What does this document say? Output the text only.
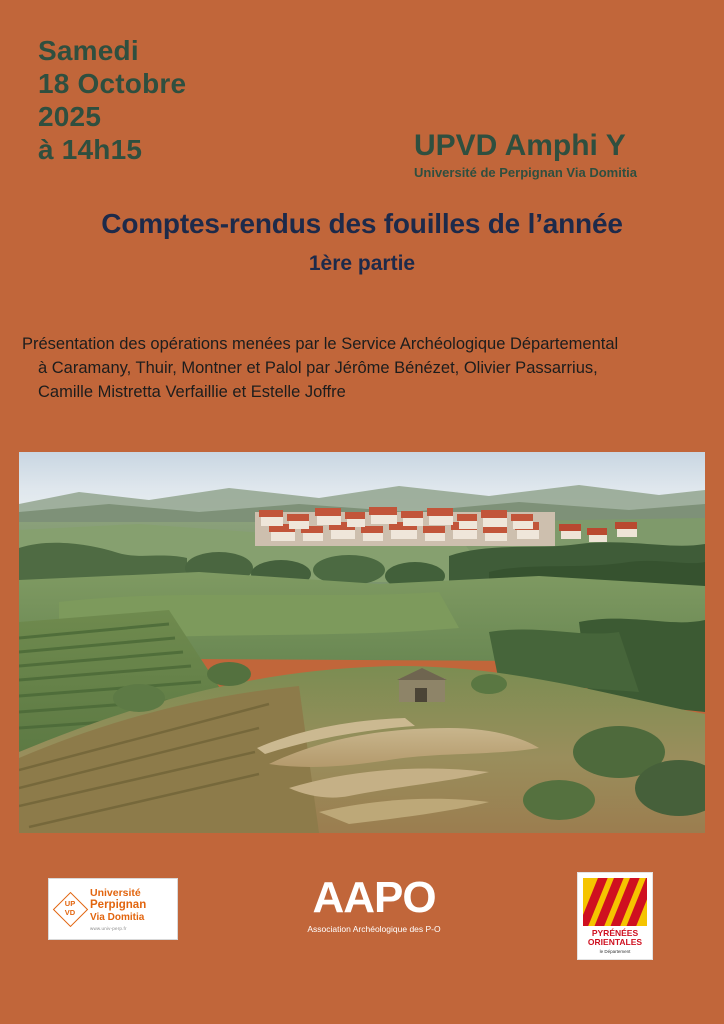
Samedi
18 Octobre
2025
à 14h15	UPVD Amphi Y
Université de Perpignan Via Domitia
Comptes-rendus des fouilles de l’année
1ère partie
Présentation des opérations menées par le Service Archéologique Départemental
à Caramany, Thuir, Montner et Palol par Jérôme Bénézet, Olivier Passarrius,
Camille Mistretta Verfaillie et Estelle Joffre
UP
VD
Université
Perpignan
Via Domitia
www.univ-perp.fr
AAPO
Association Archéologique des P-O	PYRÉNÉES
ORIENTALES
le Département
